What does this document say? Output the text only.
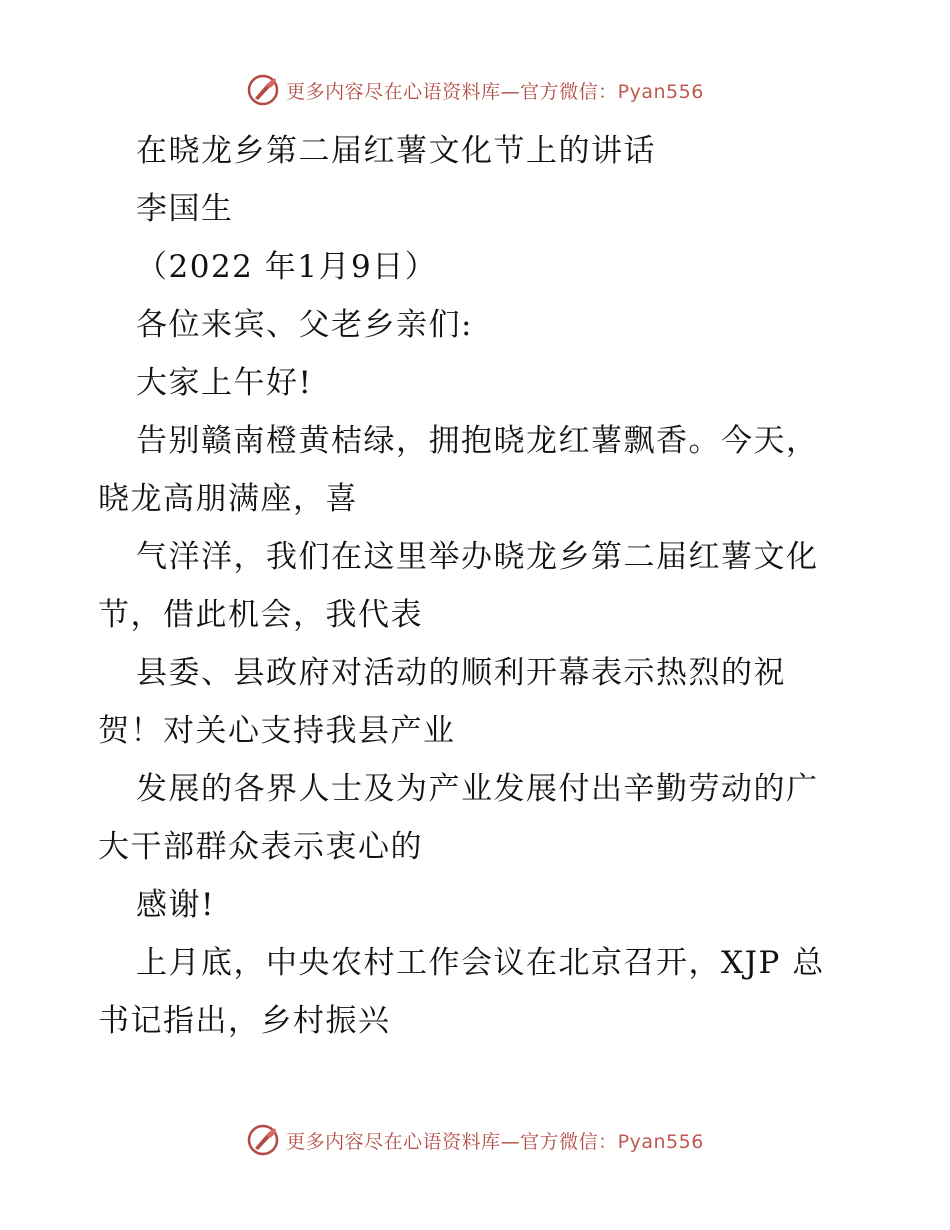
更多内容尽在心语资料库—官方微信：Pyan556
在晓龙乡第二届红薯文化节上的讲话
李国生
（2022 年1月9日）
各位来宾、父老乡亲们:
大家上午好!
告别赣南橙黄桔绿，拥抱晓龙红薯飘香。今天，
晓龙高朋满座，喜
气洋洋，我们在这里举办晓龙乡第二届红薯文化
节，借此机会，我代表
县委、县政府对活动的顺利开幕表示热烈的祝
贺！对关心支持我县产业
发展的各界人士及为产业发展付出辛勤劳动的广
大干部群众表示衷心的
感谢!
上月底，中央农村工作会议在北京召开，XJP 总
书记指出，乡村振兴
更多内容尽在心语资料库—官方微信：Pyan556
